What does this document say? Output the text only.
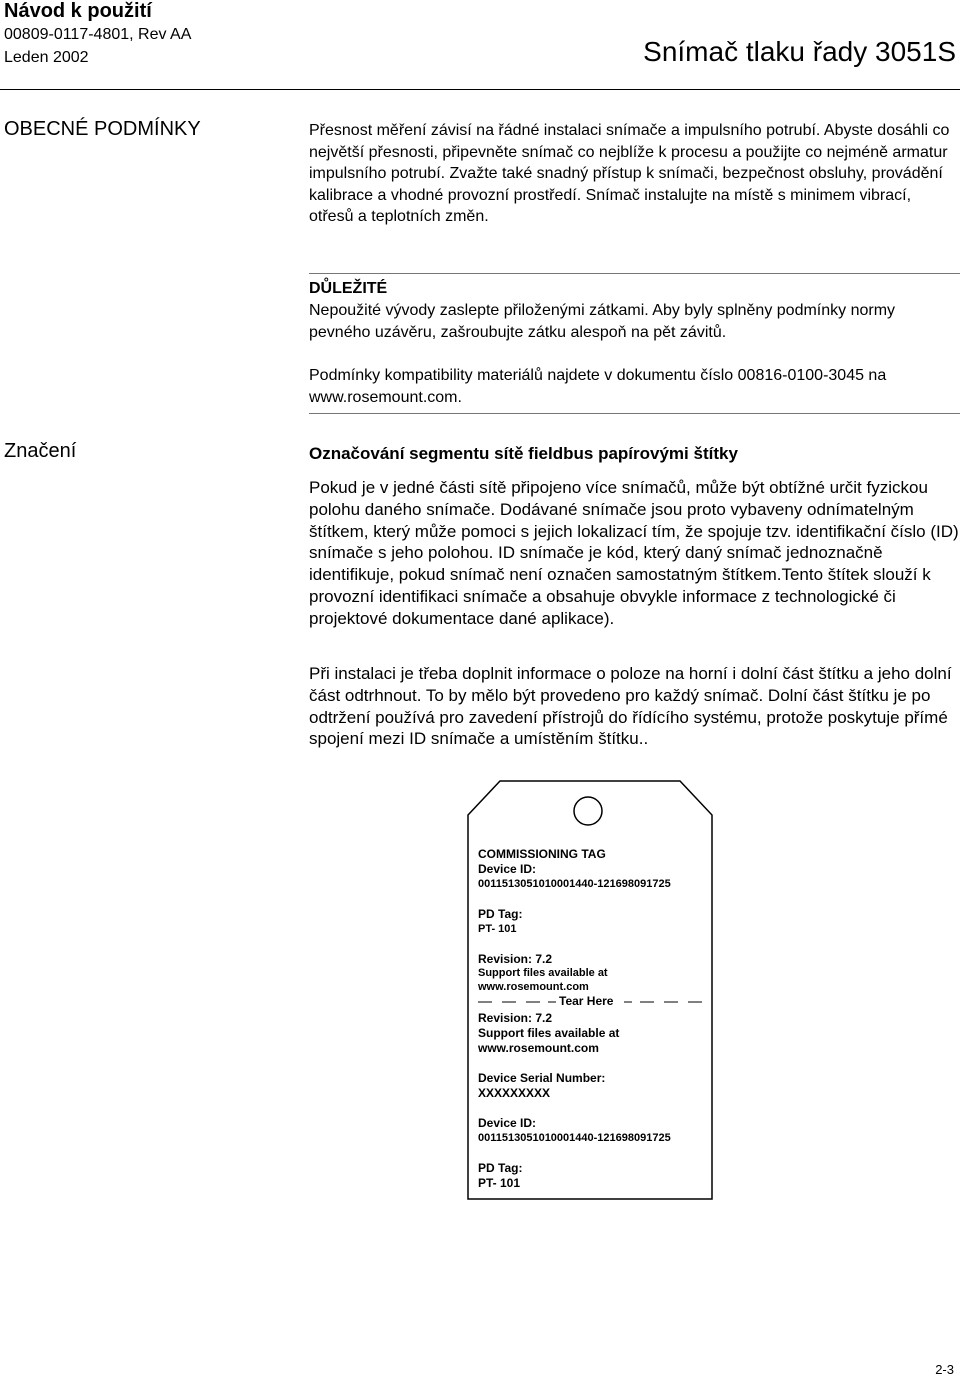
Návod k použití
00809-0117-4801, Rev AA
Leden 2002	Snímač tlaku řady 3051S
OBECNÉ PODMÍNKY	Přesnost měření závisí na řádné instalaci snímače a impulsního potrubí. Abyste dosáhli co největší přesnosti, připevněte snímač co nejblíže k procesu a použijte co nejméně armatur impulsního potrubí. Zvažte také snadný přístup k snímači, bezpečnost obsluhy, provádění kalibrace a vhodné provozní prostředí. Snímač instalujte na místě s minimem vibrací, otřesů a teplotních změn.
DŮLEŽITÉ
Nepoužité vývody zaslepte přiloženými zátkami. Aby byly splněny podmínky normy pevného uzávěru, zašroubujte zátku alespoň na pět závitů.
Podmínky kompatibility materiálů najdete v dokumentu číslo 00816-0100-3045 na www.rosemount.com.
Značení	Označování segmentu sítě fieldbus papírovými štítky
Pokud je v jedné části sítě připojeno více snímačů, může být obtížné určit fyzickou polohu daného snímače. Dodávané snímače jsou proto vybaveny odnímatelným štítkem, který může pomoci s jejich lokalizací tím, že spojuje tzv. identifikační číslo (ID) snímače s jeho polohou. ID snímače je kód, který daný snímač jednoznačně identifikuje, pokud snímač není označen samostatným štítkem.Tento štítek slouží k provozní identifikaci snímače a obsahuje obvykle informace z technologické či projektové dokumentace dané aplikace).
Při instalaci je třeba doplnit informace o poloze na horní i dolní část štítku a jeho dolní část odtrhnout. To by mělo být provedeno pro každý snímač. Dolní část štítku je po odtržení používá pro zavedení přístrojů do řídícího systému, protože poskytuje přímé spojení mezi ID snímače a umístěním štítku..
COMMISSIONING TAG
Device ID:
0011513051010001440-121698091725
PD Tag:
PT- 101
Revision: 7.2
Support files available at
www.rosemount.com
Tear Here
Revision: 7.2
Support files available at
www.rosemount.com
Device Serial Number:
XXXXXXXXX
Device ID:
0011513051010001440-121698091725
PD Tag:
PT- 101
2-3
